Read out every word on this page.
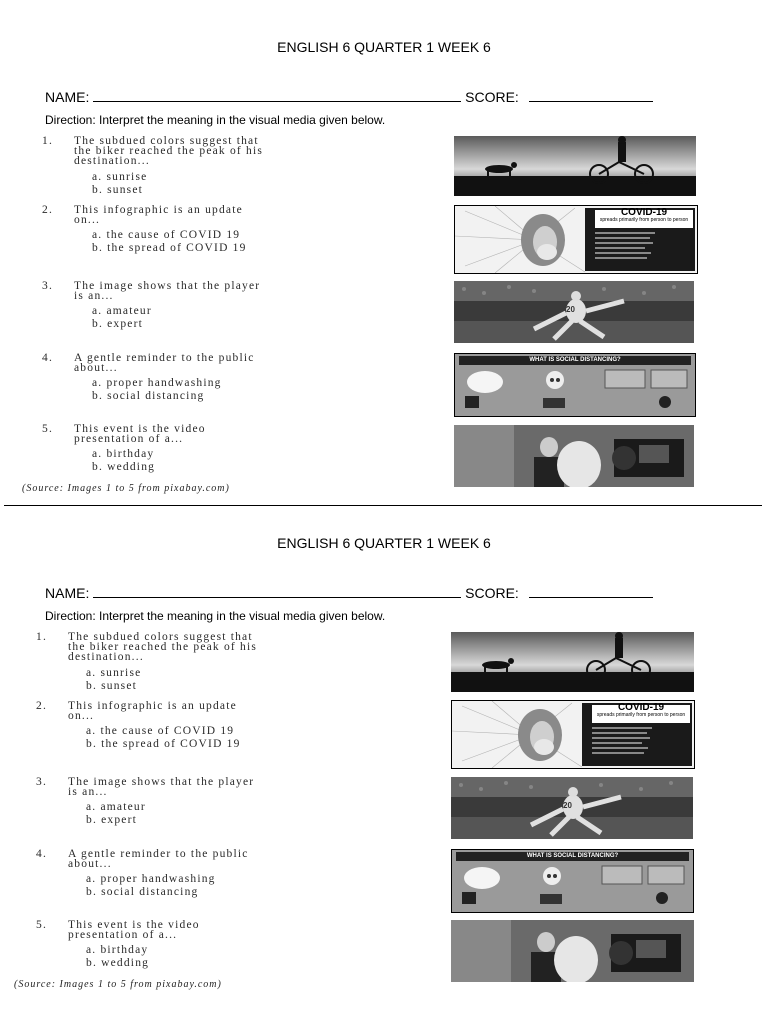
ENGLISH 6 QUARTER 1 WEEK 6
NAME:	SCORE:
Direction: Interpret the meaning in the visual media given below.
1.	The subdued colors suggest that
the biker reached the peak of his
destination...
a. sunrise
b. sunset
2.	This infographic is an update
on...
a. the cause of COVID 19
b. the spread of COVID 19
3.	The image shows that the player
is an...
a. amateur
b. expert
4.	A gentle reminder to the public
about...
a. proper handwashing
b. social distancing
5.	This event is the video
presentation of a...
a. birthday
b. wedding
(Source: Images 1 to 5 from pixabay.com)
COVID-19
spreads primarily from person to person
20
WHAT IS SOCIAL DISTANCING?
ENGLISH 6 QUARTER 1 WEEK 6
NAME:	SCORE:
Direction: Interpret the meaning in the visual media given below.
1.	The subdued colors suggest that
the biker reached the peak of his
destination...
a. sunrise
b. sunset
2.	This infographic is an update
on...
a. the cause of COVID 19
b. the spread of COVID 19
3.	The image shows that the player
is an...
a. amateur
b. expert
4.	A gentle reminder to the public
about...
a. proper handwashing
b. social distancing
5.	This event is the video
presentation of a...
a. birthday
b. wedding
(Source: Images 1 to 5 from pixabay.com)
COVID-19
spreads primarily from person to person
20
WHAT IS SOCIAL DISTANCING?
